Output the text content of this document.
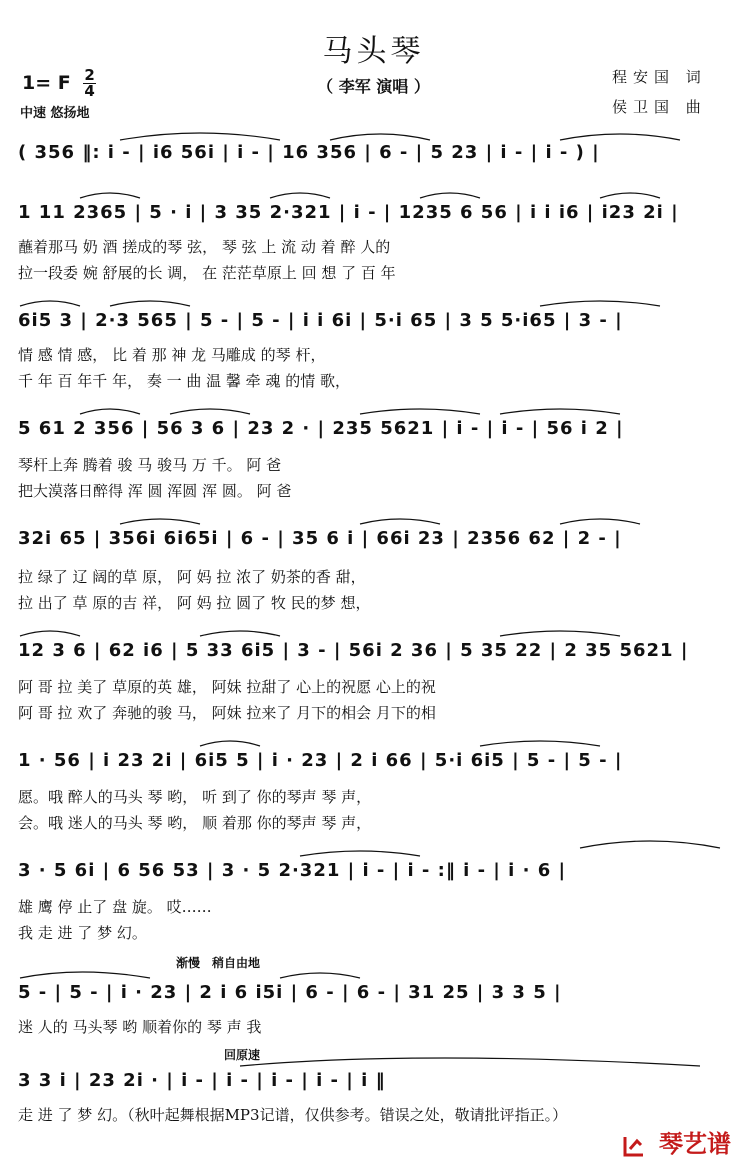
马头琴
（ 李军 演唱 ）
1= F $\frac{2}{4}$
中速 悠扬地
程安国 词
侯卫国 曲
( 356 ‖: i - | i6 56i | i - | 16 356 | 6 - | 5 23 | i - | i - ) |
1 11 2365 | 5 · i | 3 35 2·321 | i - | 1235 6 56 | i i i6 | i23 2i |
蘸着那马 奶 酒 搓成的琴 弦， 琴 弦 上 流 动 着 醉 人的
拉一段委 婉 舒展的长 调， 在 茫茫草原上 回 想 了 百 年
6i5 3 | 2·3 565 | 5 - | 5 - | i i 6i | 5·i 65 | 3 5 5·i65 | 3 - |
情 感 情 感， 比 着 那 神 龙 马雕成 的琴 杆，
千 年 百 年千 年， 奏 一 曲 温 馨 牵 魂 的情 歌，
5 61 2 356 | 56 3 6 | 23 2 · | 235 5621 | i - | i - | 56 i 2 |
琴杆上奔 腾着 骏 马 骏马 万 千。 阿 爸
把大漠落日醉得 浑 圆 浑圆 浑 圆。 阿 爸
32i 65 | 356i 6i65i | 6 - | 35 6 i | 66i 23 | 2356 62 | 2 - |
拉 绿了 辽 阔的草 原， 阿 妈 拉 浓了 奶茶的香 甜，
拉 出了 草 原的吉 祥， 阿 妈 拉 圆了 牧 民的梦 想，
12 3 6 | 62 i6 | 5 33 6i5 | 3 - | 56i 2 36 | 5 35 22 | 2 35 5621 |
阿 哥 拉 美了 草原的英 雄， 阿妹 拉甜了 心上的祝愿 心上的祝
阿 哥 拉 欢了 奔驰的骏 马， 阿妹 拉来了 月下的相会 月下的相
1 · 56 | i 23 2i | 6i5 5 | i · 23 | 2 i 66 | 5·i 6i5 | 5 - | 5 - |
愿。哦 醉人的马头 琴 哟， 听 到了 你的琴声 琴 声，
会。哦 迷人的马头 琴 哟， 顺 着那 你的琴声 琴 声，
3 · 5 6i | 6 56 53 | 3 · 5 2·321 | i - | i - :‖ i - | i · 6 |
雄 鹰 停 止了 盘 旋。 哎……
我 走 进 了 梦 幻。
渐慢 稍自由地
5 - | 5 - | i · 23 | 2 i 6 i5i | 6 - | 6 - | 31 25 | 3 3 5 |
迷 人的 马头琴 哟 顺着你的 琴 声 我
回原速
3 3 i | 23 2i · | i - | i - | i - | i - | i ‖
走 进 了 梦 幻。（秋叶起舞根据MP3记谱，仅供参考。错误之处，敬请批评指正。）
琴艺谱
